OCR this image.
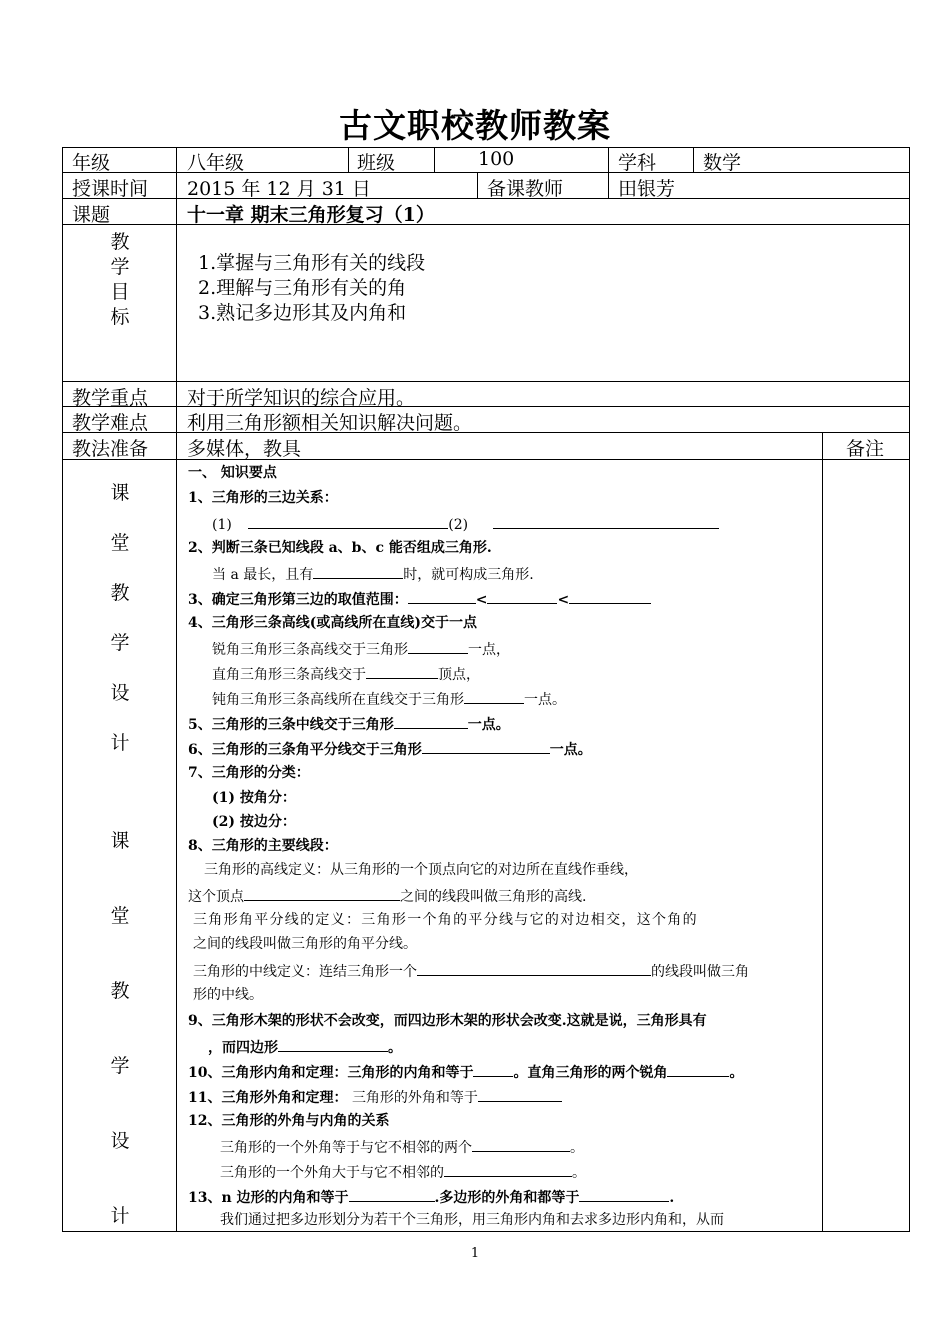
古文职校教师教案
年级	八年级	班级	100	学科 数学
授课时间 2015 年 12 月 31 日	备课教师	田银芳
课题	十一章 期末三角形复习（1）
教
学
目
标
1.掌握与三角形有关的线段
2.理解与三角形有关的角
3.熟记多边形其及内角和
教学重点 对于所学知识的综合应用。
教学难点 利用三角形额相关知识解决问题。
教法准备 多媒体，教具	备注
课
堂
教
学
设
计
课
堂
教
学
设
计
一、 知识要点
1、三角形的三边关系：
(1)	(2)
2、判断三条已知线段 a、b、c 能否组成三角形.
当 a 最长，且有	时，就可构成三角形.
3、确定三角形第三边的取值范围：	<	<
4、三角形三条高线(或高线所在直线)交于一点
锐角三角形三条高线交于三角形	一点，
直角三角形三条高线交于	顶点，
钝角三角形三条高线所在直线交于三角形	一点。
5、三角形的三条中线交于三角形	一点。
6、三角形的三条角平分线交于三角形	一点。
7、三角形的分类：
(1) 按角分：
(2) 按边分：
8、三角形的主要线段：
三角形的高线定义：从三角形的一个顶点向它的对边所在直线作垂线，
这个顶点	之间的线段叫做三角形的高线.
三角形角平分线的定义：三角形一个角的平分线与它的对边相交，这个角的
之间的线段叫做三角形的角平分线。
三角形的中线定义：连结三角形一个	的线段叫做三角
形的中线。
9、三角形木架的形状不会改变，而四边形木架的形状会改变.这就是说，三角形具有
，而四边形	。
10、三角形内角和定理：三角形的内角和等于	。直角三角形的两个锐角	。
11、三角形外角和定理： 三角形的外角和等于
12、三角形的外角与内角的关系
三角形的一个外角等于与它不相邻的两个	。
三角形的一个外角大于与它不相邻的	。
13、n 边形的内角和等于	.多边形的外角和都等于	.
我们通过把多边形划分为若干个三角形，用三角形内角和去求多边形内角和，从而
1
